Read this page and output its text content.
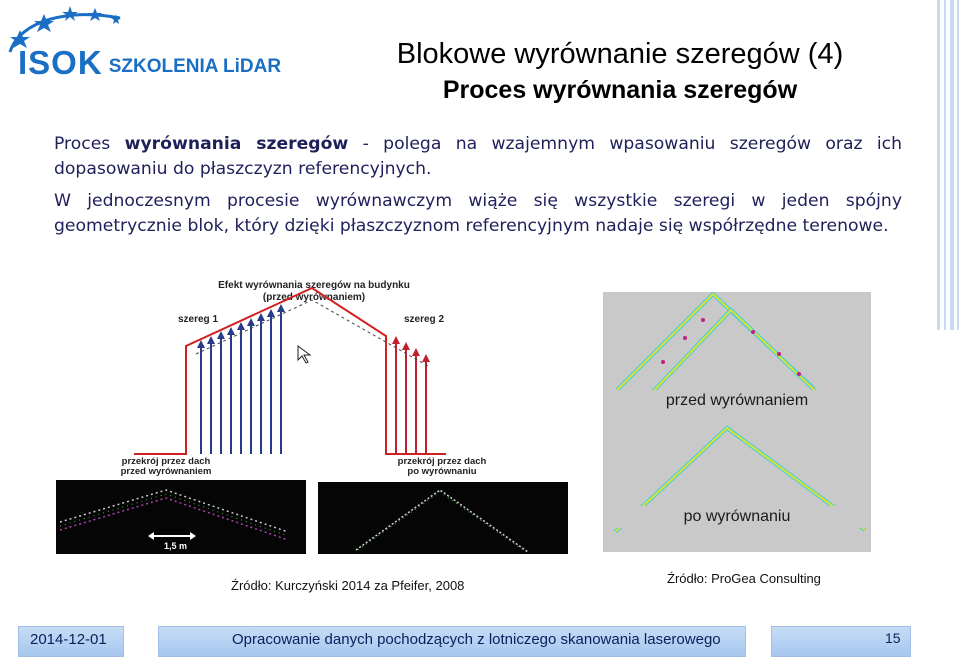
ISOK SZKOLENIA LiDAR	Blokowe wyrównanie szeregów (4)
Proces wyrównania szeregów
Proces wyrównania szeregów - polega na wzajemnym wpasowaniu szeregów oraz ich dopasowaniu do płaszczyzn referencyjnych.
W jednoczesnym procesie wyrównawczym wiąże się wszystkie szeregi w jeden spójny geometrycznie blok, który dzięki płaszczyznom referencyjnym nadaje się współrzędne terenowe.
Efekt wyrównania szeregów na budynku
(przed wyrównaniem)
szereg 1	szereg 2
przekrój przez dach
przed wyrównaniem
przekrój przez dach
po wyrównaniu
1,5 m
przed wyrównaniem
po wyrównaniu
Źródło: Kurczyński 2014 za Pfeifer, 2008	Źródło: ProGea Consulting
2014-12-01	Opracowanie danych pochodzących z lotniczego skanowania laserowego	15
